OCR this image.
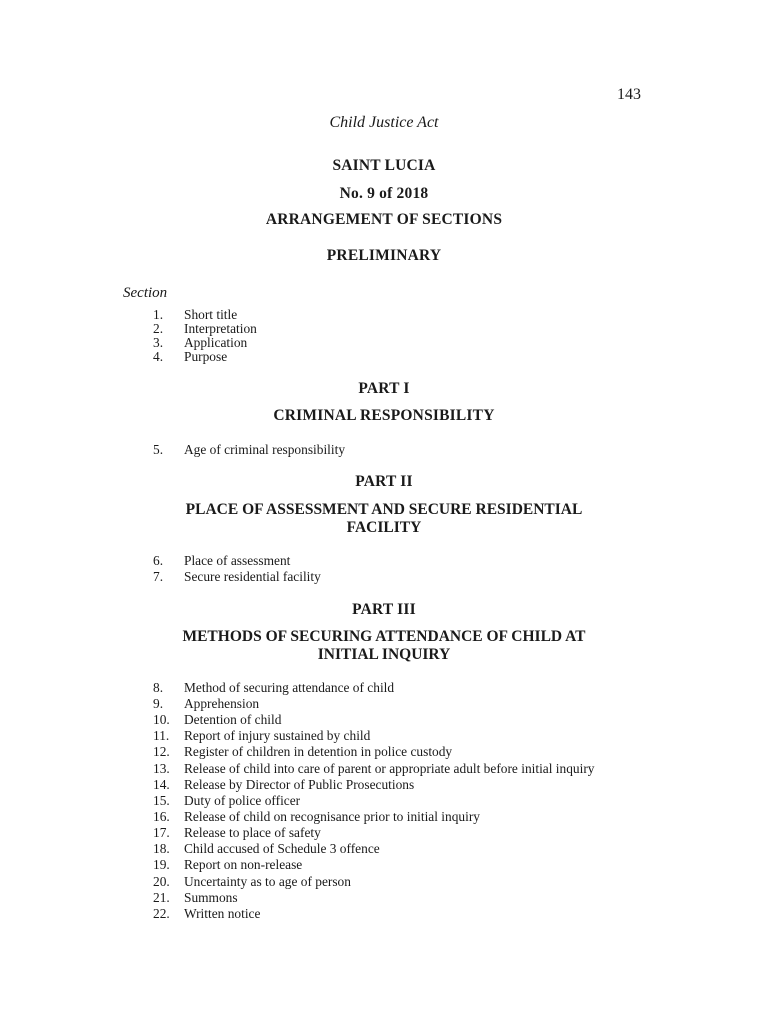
143
Child Justice Act
SAINT LUCIA
No. 9 of 2018
ARRANGEMENT OF SECTIONS
PRELIMINARY
Section
1. Short title
2. Interpretation
3. Application
4. Purpose
PART I
CRIMINAL RESPONSIBILITY
5. Age of criminal responsibility
PART II
PLACE OF ASSESSMENT AND SECURE RESIDENTIAL
FACILITY
6. Place of assessment
7. Secure residential facility
PART III
METHODS OF SECURING ATTENDANCE OF CHILD AT
INITIAL INQUIRY
8. Method of securing attendance of child
9. Apprehension
10. Detention of child
11. Report of injury sustained by child
12. Register of children in detention in police custody
13. Release of child into care of parent or appropriate adult before initial inquiry
14. Release by Director of Public Prosecutions
15. Duty of police officer
16. Release of child on recognisance prior to initial inquiry
17. Release to place of safety
18. Child accused of Schedule 3 offence
19. Report on non-release
20. Uncertainty as to age of person
21. Summons
22. Written notice
